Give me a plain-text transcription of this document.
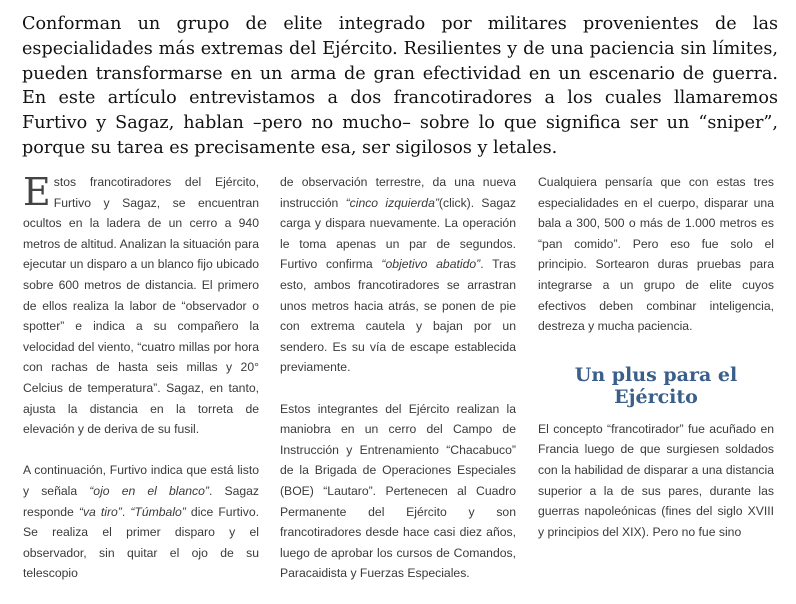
Conforman un grupo de elite integrado por militares provenientes de las especialidades más extremas del Ejército. Resilientes y de una paciencia sin límites, pueden transformarse en un arma de gran efectividad en un escenario de guerra. En este artículo entrevistamos a dos francotiradores a los cuales llamaremos Furtivo y Sagaz, hablan –pero no mucho– sobre lo que significa ser un “sniper”, porque su tarea es precisamente esa, ser sigilosos y letales.

Estos francotiradores del Ejército, Furtivo y Sagaz, se encuentran ocultos en la ladera de un cerro a 940 metros de altitud. Analizan la situación para ejecutar un disparo a un blanco fijo ubicado sobre 600 metros de distancia. El primero de ellos realiza la labor de “observador o spotter” e indica a su compañero la velocidad del viento, “cuatro millas por hora con rachas de hasta seis millas y 20° Celcius de temperatura”. Sagaz, en tanto, ajusta la distancia en la torreta de elevación y de deriva de su fusil.

A continuación, Furtivo indica que está listo y señala “ojo en el blanco”. Sagaz responde “va tiro”. “Túmbalo” dice Furtivo. Se realiza el primer disparo y el observador, sin quitar el ojo de su telescopio

de observación terrestre, da una nueva instrucción “cinco izquierda”(click). Sagaz carga y dispara nuevamente. La operación le toma apenas un par de segundos. Furtivo confirma “objetivo abatido”. Tras esto, ambos francotiradores se arrastran unos metros hacia atrás, se ponen de pie con extrema cautela y bajan por un sendero. Es su vía de escape establecida previamente.

Estos integrantes del Ejército realizan la maniobra en un cerro del Campo de Instrucción y Entrenamiento “Chacabuco” de la Brigada de Operaciones Especiales (BOE) “Lautaro”. Pertenecen al Cuadro Permanente del Ejército y son francotiradores desde hace casi diez años, luego de aprobar los cursos de Comandos, Paracaidista y Fuerzas Especiales.

Cualquiera pensaría que con estas tres especialidades en el cuerpo, disparar una bala a 300, 500 o más de 1.000 metros es “pan comido”. Pero eso fue solo el principio. Sortearon duras pruebas para integrarse a un grupo de elite cuyos efectivos deben combinar inteligencia, destreza y mucha paciencia.

Un plus para el Ejército

El concepto “francotirador” fue acuñado en Francia luego de que surgiesen soldados con la habilidad de disparar a una distancia superior a la de sus pares, durante las guerras napoleónicas (fines del siglo XVIII y principios del XIX). Pero no fue sino
